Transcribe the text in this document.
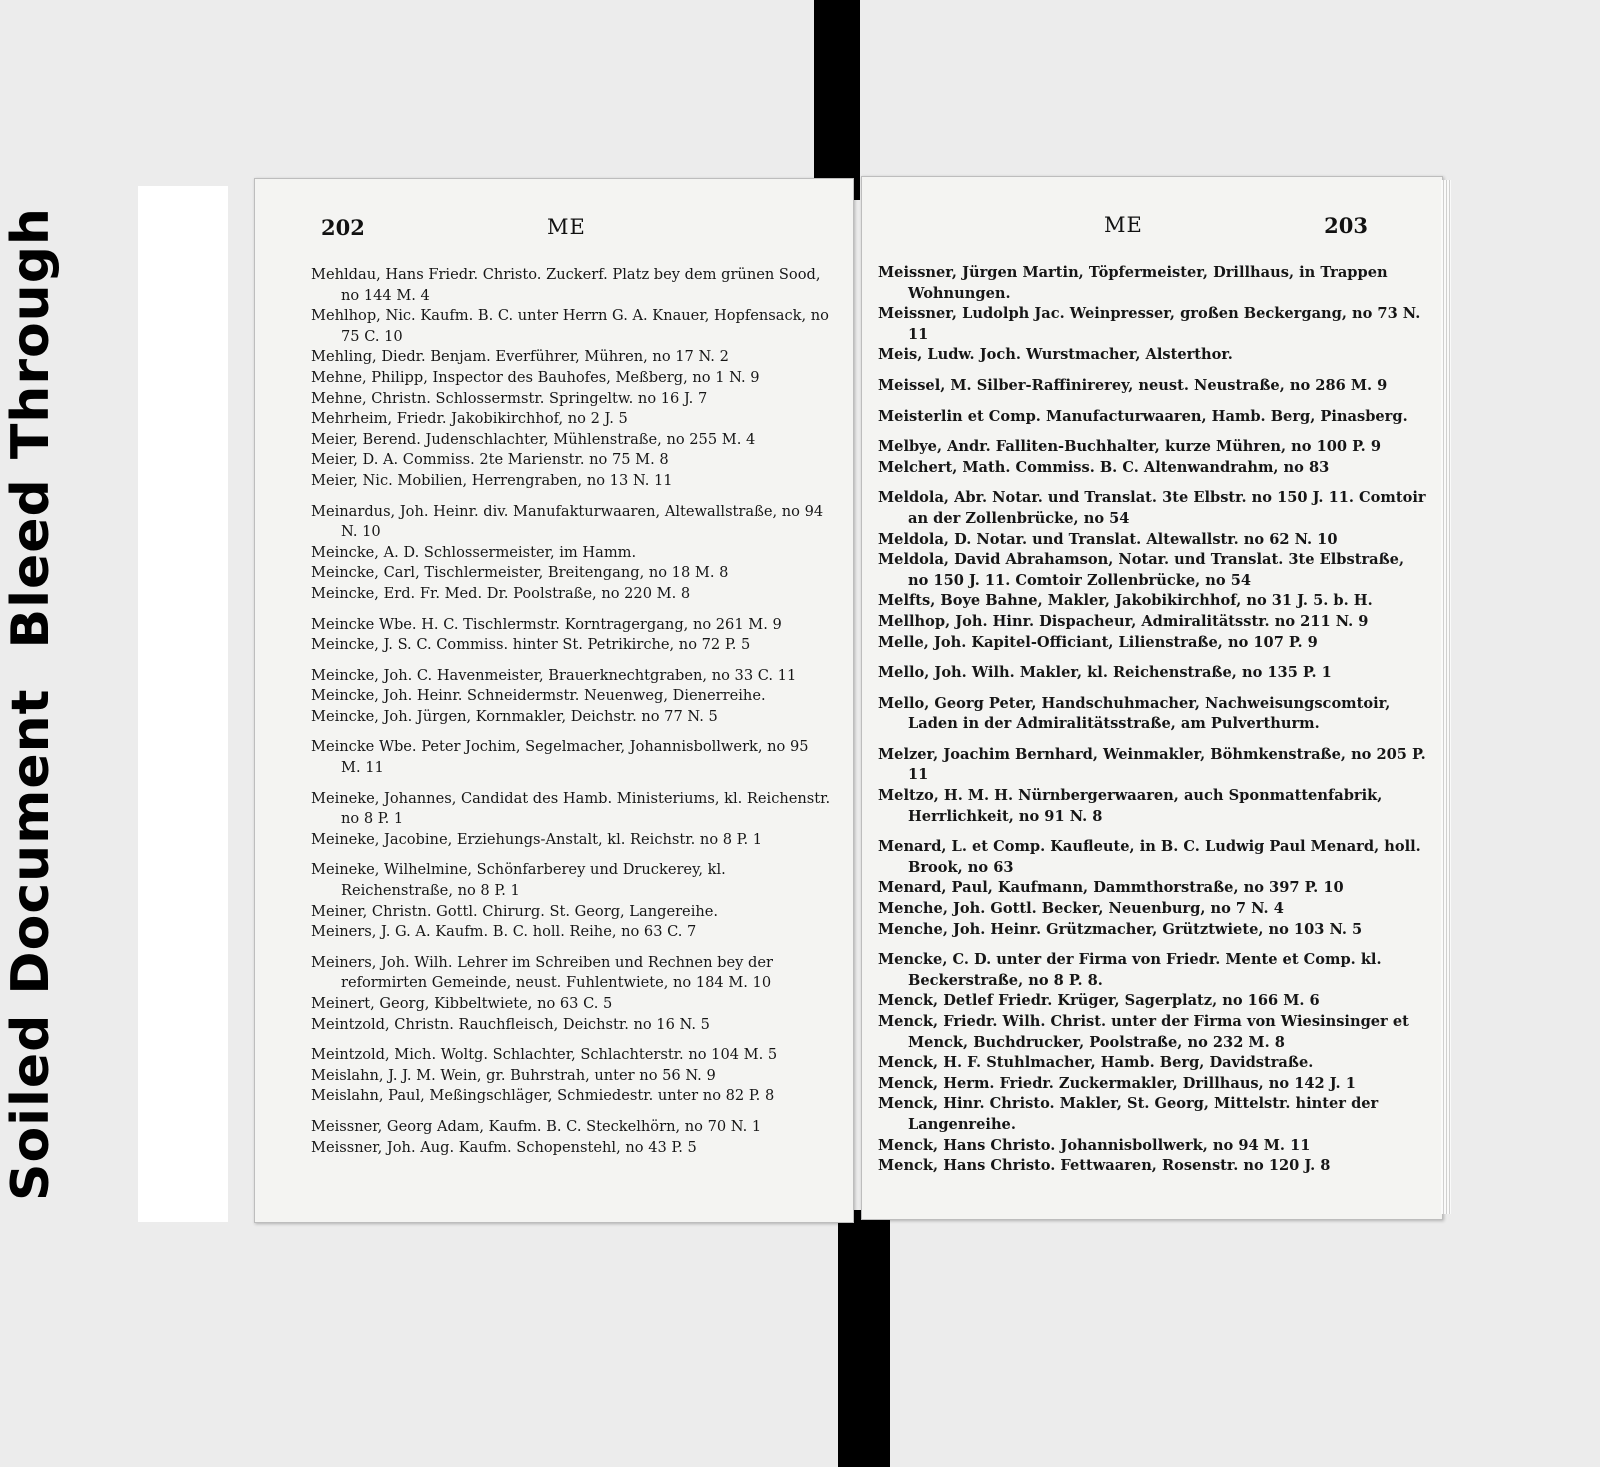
Soiled Document
Bleed Through	202	ME
Mehldau, Hans Friedr. Christo. Zuckerf. Platz bey dem grünen Sood, no 144 M. 4
Mehlhop, Nic. Kaufm. B. C. unter Herrn G. A. Knauer, Hopfensack, no 75 C. 10
Mehling, Diedr. Benjam. Everführer, Mühren, no 17 N. 2
Mehne, Philipp, Inspector des Bauhofes, Meßberg, no 1 N. 9
Mehne, Christn. Schlossermstr. Springeltw. no 16 J. 7
Mehrheim, Friedr. Jakobikirchhof, no 2 J. 5
Meier, Berend. Judenschlachter, Mühlenstraße, no 255 M. 4
Meier, D. A. Commiss. 2te Marienstr. no 75 M. 8
Meier, Nic. Mobilien, Herrengraben, no 13 N. 11
Meinardus, Joh. Heinr. div. Manufakturwaaren, Altewallstraße, no 94 N. 10
Meincke, A. D. Schlossermeister, im Hamm.
Meincke, Carl, Tischlermeister, Breitengang, no 18 M. 8
Meincke, Erd. Fr. Med. Dr. Poolstraße, no 220 M. 8
Meincke Wbe. H. C. Tischlermstr. Korntragergang, no 261 M. 9
Meincke, J. S. C. Commiss. hinter St. Petrikirche, no 72 P. 5
Meincke, Joh. C. Havenmeister, Brauerknechtgraben, no 33 C. 11
Meincke, Joh. Heinr. Schneidermstr. Neuenweg, Dienerreihe.
Meincke, Joh. Jürgen, Kornmakler, Deichstr. no 77 N. 5
Meincke Wbe. Peter Jochim, Segelmacher, Johannisbollwerk, no 95 M. 11
Meineke, Johannes, Candidat des Hamb. Ministeriums, kl. Reichenstr. no 8 P. 1
Meineke, Jacobine, Erziehungs-Anstalt, kl. Reichstr. no 8 P. 1
Meineke, Wilhelmine, Schönfarberey und Druckerey, kl. Reichenstraße, no 8 P. 1
Meiner, Christn. Gottl. Chirurg. St. Georg, Langereihe.
Meiners, J. G. A. Kaufm. B. C. holl. Reihe, no 63 C. 7
Meiners, Joh. Wilh. Lehrer im Schreiben und Rechnen bey der reformirten Gemeinde, neust. Fuhlentwiete, no 184 M. 10
Meinert, Georg, Kibbeltwiete, no 63 C. 5
Meintzold, Christn. Rauchfleisch, Deichstr. no 16 N. 5
Meintzold, Mich. Woltg. Schlachter, Schlachterstr. no 104 M. 5
Meislahn, J. J. M. Wein, gr. Buhrstrah, unter no 56 N. 9
Meislahn, Paul, Meßingschläger, Schmiedestr. unter no 82 P. 8
Meissner, Georg Adam, Kaufm. B. C. Steckelhörn, no 70 N. 1
Meissner, Joh. Aug. Kaufm. Schopenstehl, no 43 P. 5
ME	203
Meissner, Jürgen Martin, Töpfermeister, Drillhaus, in Trappen Wohnungen.
Meissner, Ludolph Jac. Weinpresser, großen Beckergang, no 73 N. 11
Meis, Ludw. Joch. Wurstmacher, Alsterthor.
Meissel, M. Silber-Raffinirerey, neust. Neustraße, no 286 M. 9
Meisterlin et Comp. Manufacturwaaren, Hamb. Berg, Pinasberg.
Melbye, Andr. Falliten-Buchhalter, kurze Mühren, no 100 P. 9
Melchert, Math. Commiss. B. C. Altenwandrahm, no 83
Meldola, Abr. Notar. und Translat. 3te Elbstr. no 150 J. 11. Comtoir an der Zollenbrücke, no 54
Meldola, D. Notar. und Translat. Altewallstr. no 62 N. 10
Meldola, David Abrahamson, Notar. und Translat. 3te Elbstraße, no 150 J. 11. Comtoir Zollenbrücke, no 54
Melfts, Boye Bahne, Makler, Jakobikirchhof, no 31 J. 5. b. H.
Mellhop, Joh. Hinr. Dispacheur, Admiralitätsstr. no 211 N. 9
Melle, Joh. Kapitel-Officiant, Lilienstraße, no 107 P. 9
Mello, Joh. Wilh. Makler, kl. Reichenstraße, no 135 P. 1
Mello, Georg Peter, Handschuhmacher, Nachweisungscomtoir, Laden in der Admiralitätsstraße, am Pulverthurm.
Melzer, Joachim Bernhard, Weinmakler, Böhmkenstraße, no 205 P. 11
Meltzo, H. M. H. Nürnbergerwaaren, auch Sponmattenfabrik, Herrlichkeit, no 91 N. 8
Menard, L. et Comp. Kaufleute, in B. C. Ludwig Paul Menard, holl. Brook, no 63
Menard, Paul, Kaufmann, Dammthorstraße, no 397 P. 10
Menche, Joh. Gottl. Becker, Neuenburg, no 7 N. 4
Menche, Joh. Heinr. Grützmacher, Grütztwiete, no 103 N. 5
Mencke, C. D. unter der Firma von Friedr. Mente et Comp. kl. Beckerstraße, no 8 P. 8.
Menck, Detlef Friedr. Krüger, Sagerplatz, no 166 M. 6
Menck, Friedr. Wilh. Christ. unter der Firma von Wiesinsinger et Menck, Buchdrucker, Poolstraße, no 232 M. 8
Menck, H. F. Stuhlmacher, Hamb. Berg, Davidstraße.
Menck, Herm. Friedr. Zuckermakler, Drillhaus, no 142 J. 1
Menck, Hinr. Christo. Makler, St. Georg, Mittelstr. hinter der Langenreihe.
Menck, Hans Christo. Johannisbollwerk, no 94 M. 11
Menck, Hans Christo. Fettwaaren, Rosenstr. no 120 J. 8
